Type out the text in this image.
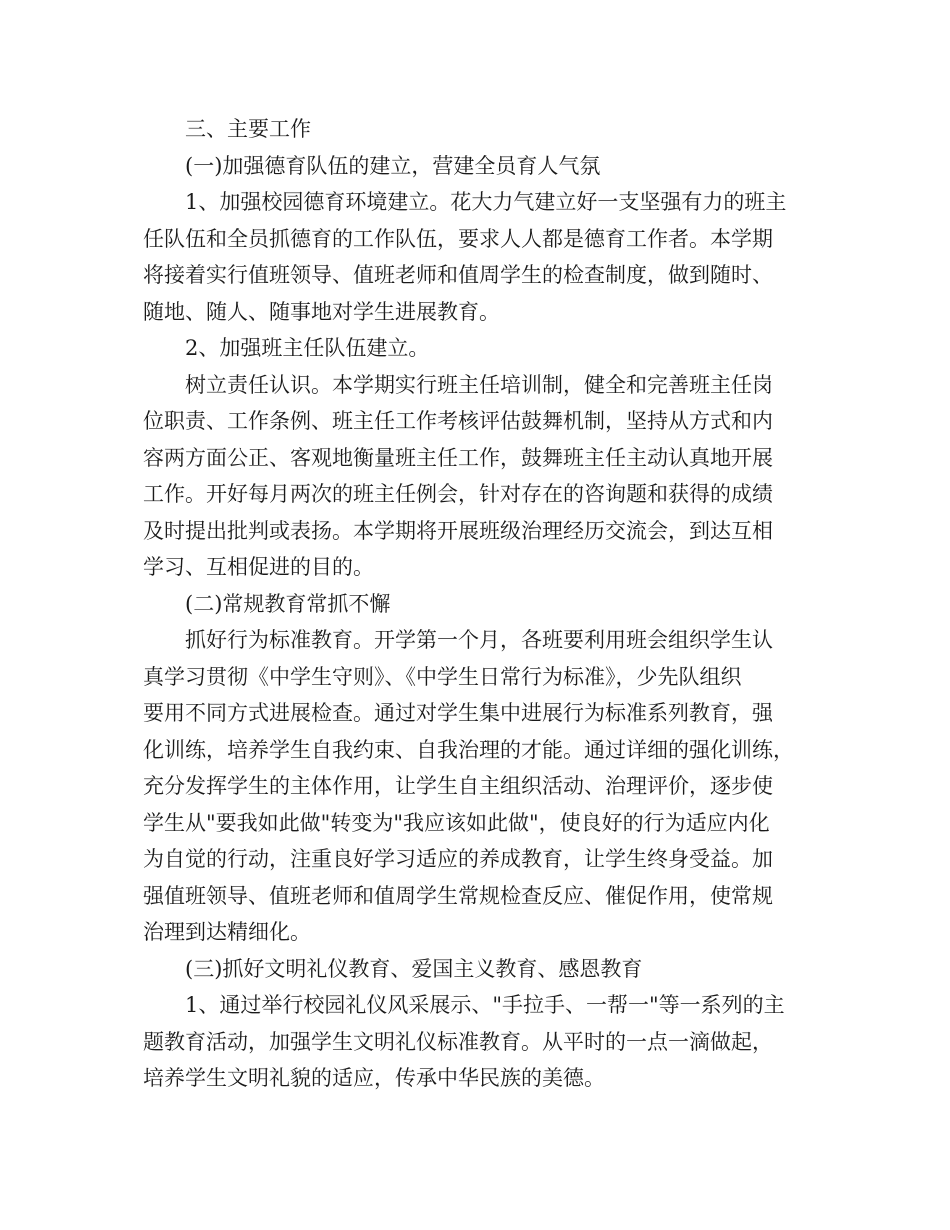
三、主要工作
(一)加强德育队伍的建立，营建全员育人气氛
1、加强校园德育环境建立。花大力气建立好一支坚强有力的班主
任队伍和全员抓德育的工作队伍，要求人人都是德育工作者。本学期
将接着实行值班领导、值班老师和值周学生的检查制度，做到随时、
随地、随人、随事地对学生进展教育。
2、加强班主任队伍建立。
树立责任认识。本学期实行班主任培训制，健全和完善班主任岗
位职责、工作条例、班主任工作考核评估鼓舞机制，坚持从方式和内
容两方面公正、客观地衡量班主任工作，鼓舞班主任主动认真地开展
工作。开好每月两次的班主任例会，针对存在的咨询题和获得的成绩
及时提出批判或表扬。本学期将开展班级治理经历交流会，到达互相
学习、互相促进的目的。
(二)常规教育常抓不懈
抓好行为标准教育。开学第一个月，各班要利用班会组织学生认
真学习贯彻《中学生守则》、《中学生日常行为标准》，少先队组织
要用不同方式进展检查。通过对学生集中进展行为标准系列教育，强
化训练，培养学生自我约束、自我治理的才能。通过详细的强化训练，
充分发挥学生的主体作用，让学生自主组织活动、治理评价，逐步使
学生从"要我如此做"转变为"我应该如此做"，使良好的行为适应内化
为自觉的行动，注重良好学习适应的养成教育，让学生终身受益。加
强值班领导、值班老师和值周学生常规检查反应、催促作用，使常规
治理到达精细化。
(三)抓好文明礼仪教育、爱国主义教育、感恩教育
1、通过举行校园礼仪风采展示、"手拉手、一帮一"等一系列的主
题教育活动，加强学生文明礼仪标准教育。从平时的一点一滴做起，
培养学生文明礼貌的适应，传承中华民族的美德。
